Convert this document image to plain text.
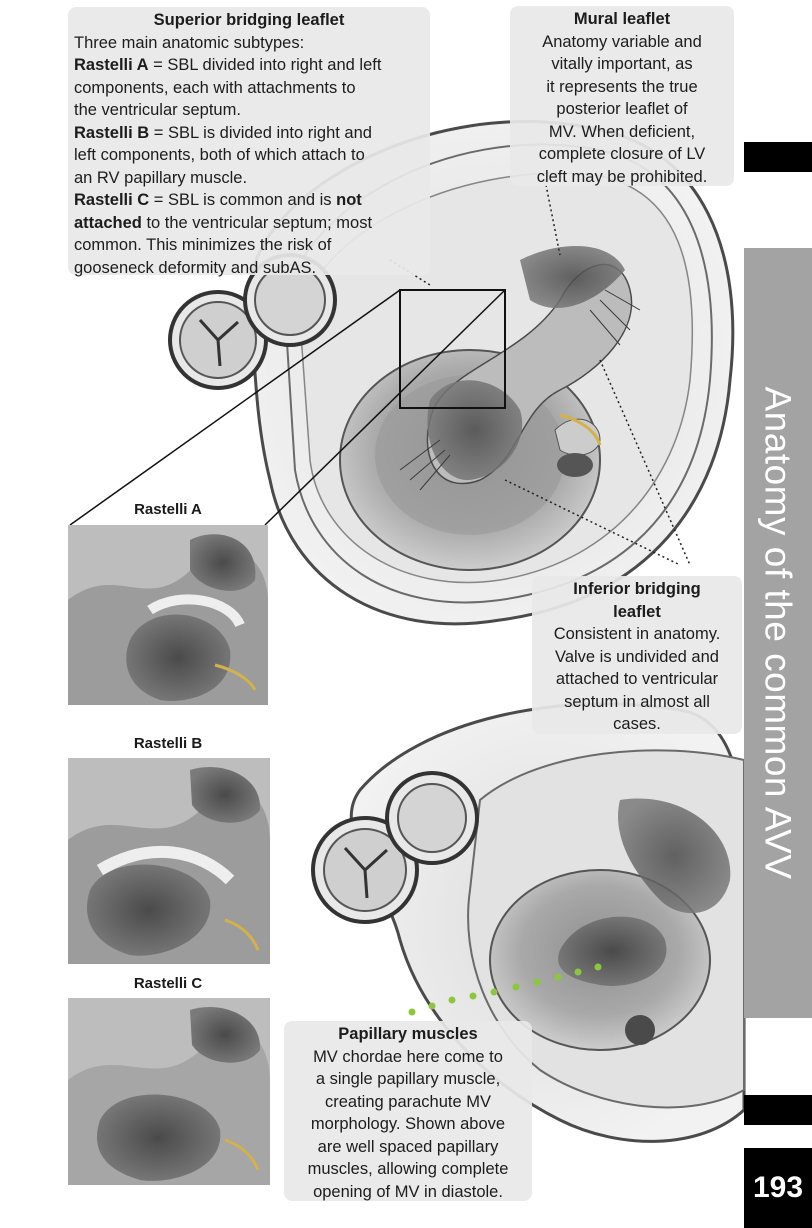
Superior bridging leaflet
Three main anatomic subtypes:
Rastelli A = SBL divided into right and left
components, each with attachments to
the ventricular septum.
Rastelli B = SBL is divided into right and
left components, both of which attach to
an RV papillary muscle.
Rastelli C = SBL is common and is not
attached to the ventricular septum; most
common. This minimizes the risk of
gooseneck deformity and subAS.
Mural leaflet
Anatomy variable and
vitally important, as
it represents the true
posterior leaflet of
MV. When deficient,
complete closure of LV
cleft may be prohibited.
Inferior bridging
leaflet
Consistent in anatomy.
Valve is undivided and
attached to ventricular
septum in almost all
cases.
Papillary muscles
MV chordae here come to
a single papillary muscle,
creating parachute MV
morphology. Shown above
are well spaced papillary
muscles, allowing complete
opening of MV in diastole.
Rastelli A
Rastelli B
Rastelli C
Anatomy of the common AVV
193
